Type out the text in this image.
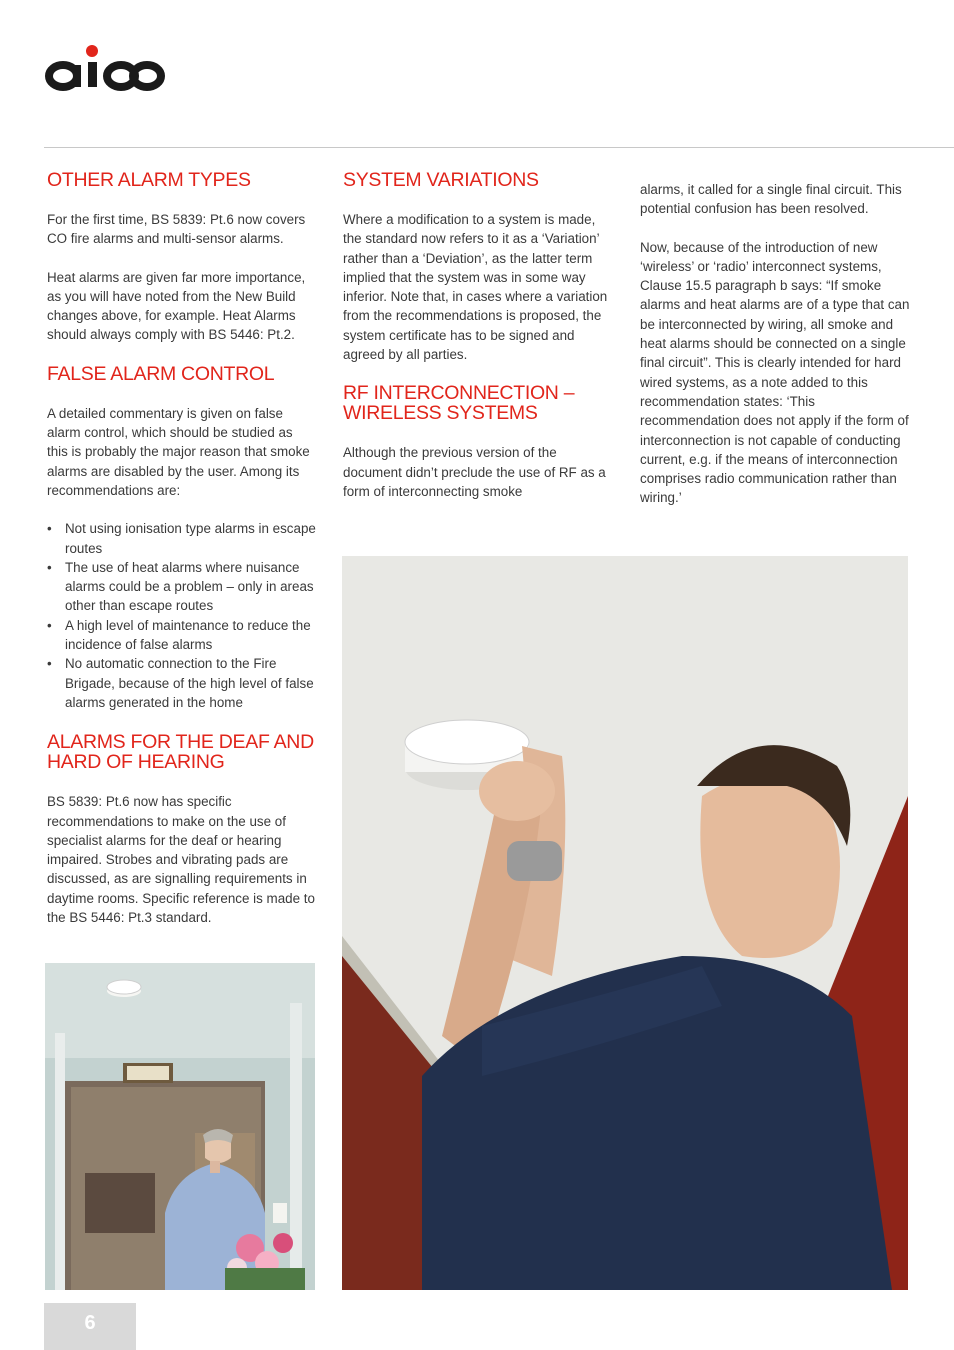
OTHER ALARM TYPES

For the first time, BS 5839: Pt.6 now covers CO fire alarms and multi-sensor alarms.

Heat alarms are given far more importance, as you will have noted from the New Build changes above, for example. Heat Alarms should always comply with BS 5446: Pt.2.

FALSE ALARM CONTROL

A detailed commentary is given on false alarm control, which should be studied as this is probably the major reason that smoke alarms are disabled by the user. Among its recommendations are:

• Not using ionisation type alarms in escape routes
• The use of heat alarms where nuisance alarms could be a problem – only in areas other than escape routes
• A high level of maintenance to reduce the incidence of false alarms
• No automatic connection to the Fire Brigade, because of the high level of false alarms generated in the home
ALARMS FOR THE DEAF AND HARD OF HEARING

BS 5839: Pt.6 now has specific recommendations to make on the use of specialist alarms for the deaf or hearing impaired. Strobes and vibrating pads are discussed, as are signalling requirements in daytime rooms. Specific reference is made to the BS 5446: Pt.3 standard.

SYSTEM VARIATIONS

Where a modification to a system is made, the standard now refers to it as a ‘Variation’ rather than a ‘Deviation’, as the latter term implied that the system was in some way inferior. Note that, in cases where a variation from the recommendations is proposed, the system certificate has to be signed and agreed by all parties.

RF INTERCONNECTION – WIRELESS SYSTEMS

Although the previous version of the document didn’t preclude the use of RF as a form of interconnecting smoke

alarms, it called for a single final circuit. This potential confusion has been resolved.

Now, because of the introduction of new ‘wireless’ or ‘radio’ interconnect systems, Clause 15.5 paragraph b says: “If smoke alarms and heat alarms are of a type that can be interconnected by wiring, all smoke and heat alarms should be connected on a single final circuit”. This is clearly intended for hard wired systems, as a note added to this recommendation states: ‘This recommendation does not apply if the form of interconnection is not capable of conducting current, e.g. if the means of interconnection comprises radio communication rather than wiring.’

6
